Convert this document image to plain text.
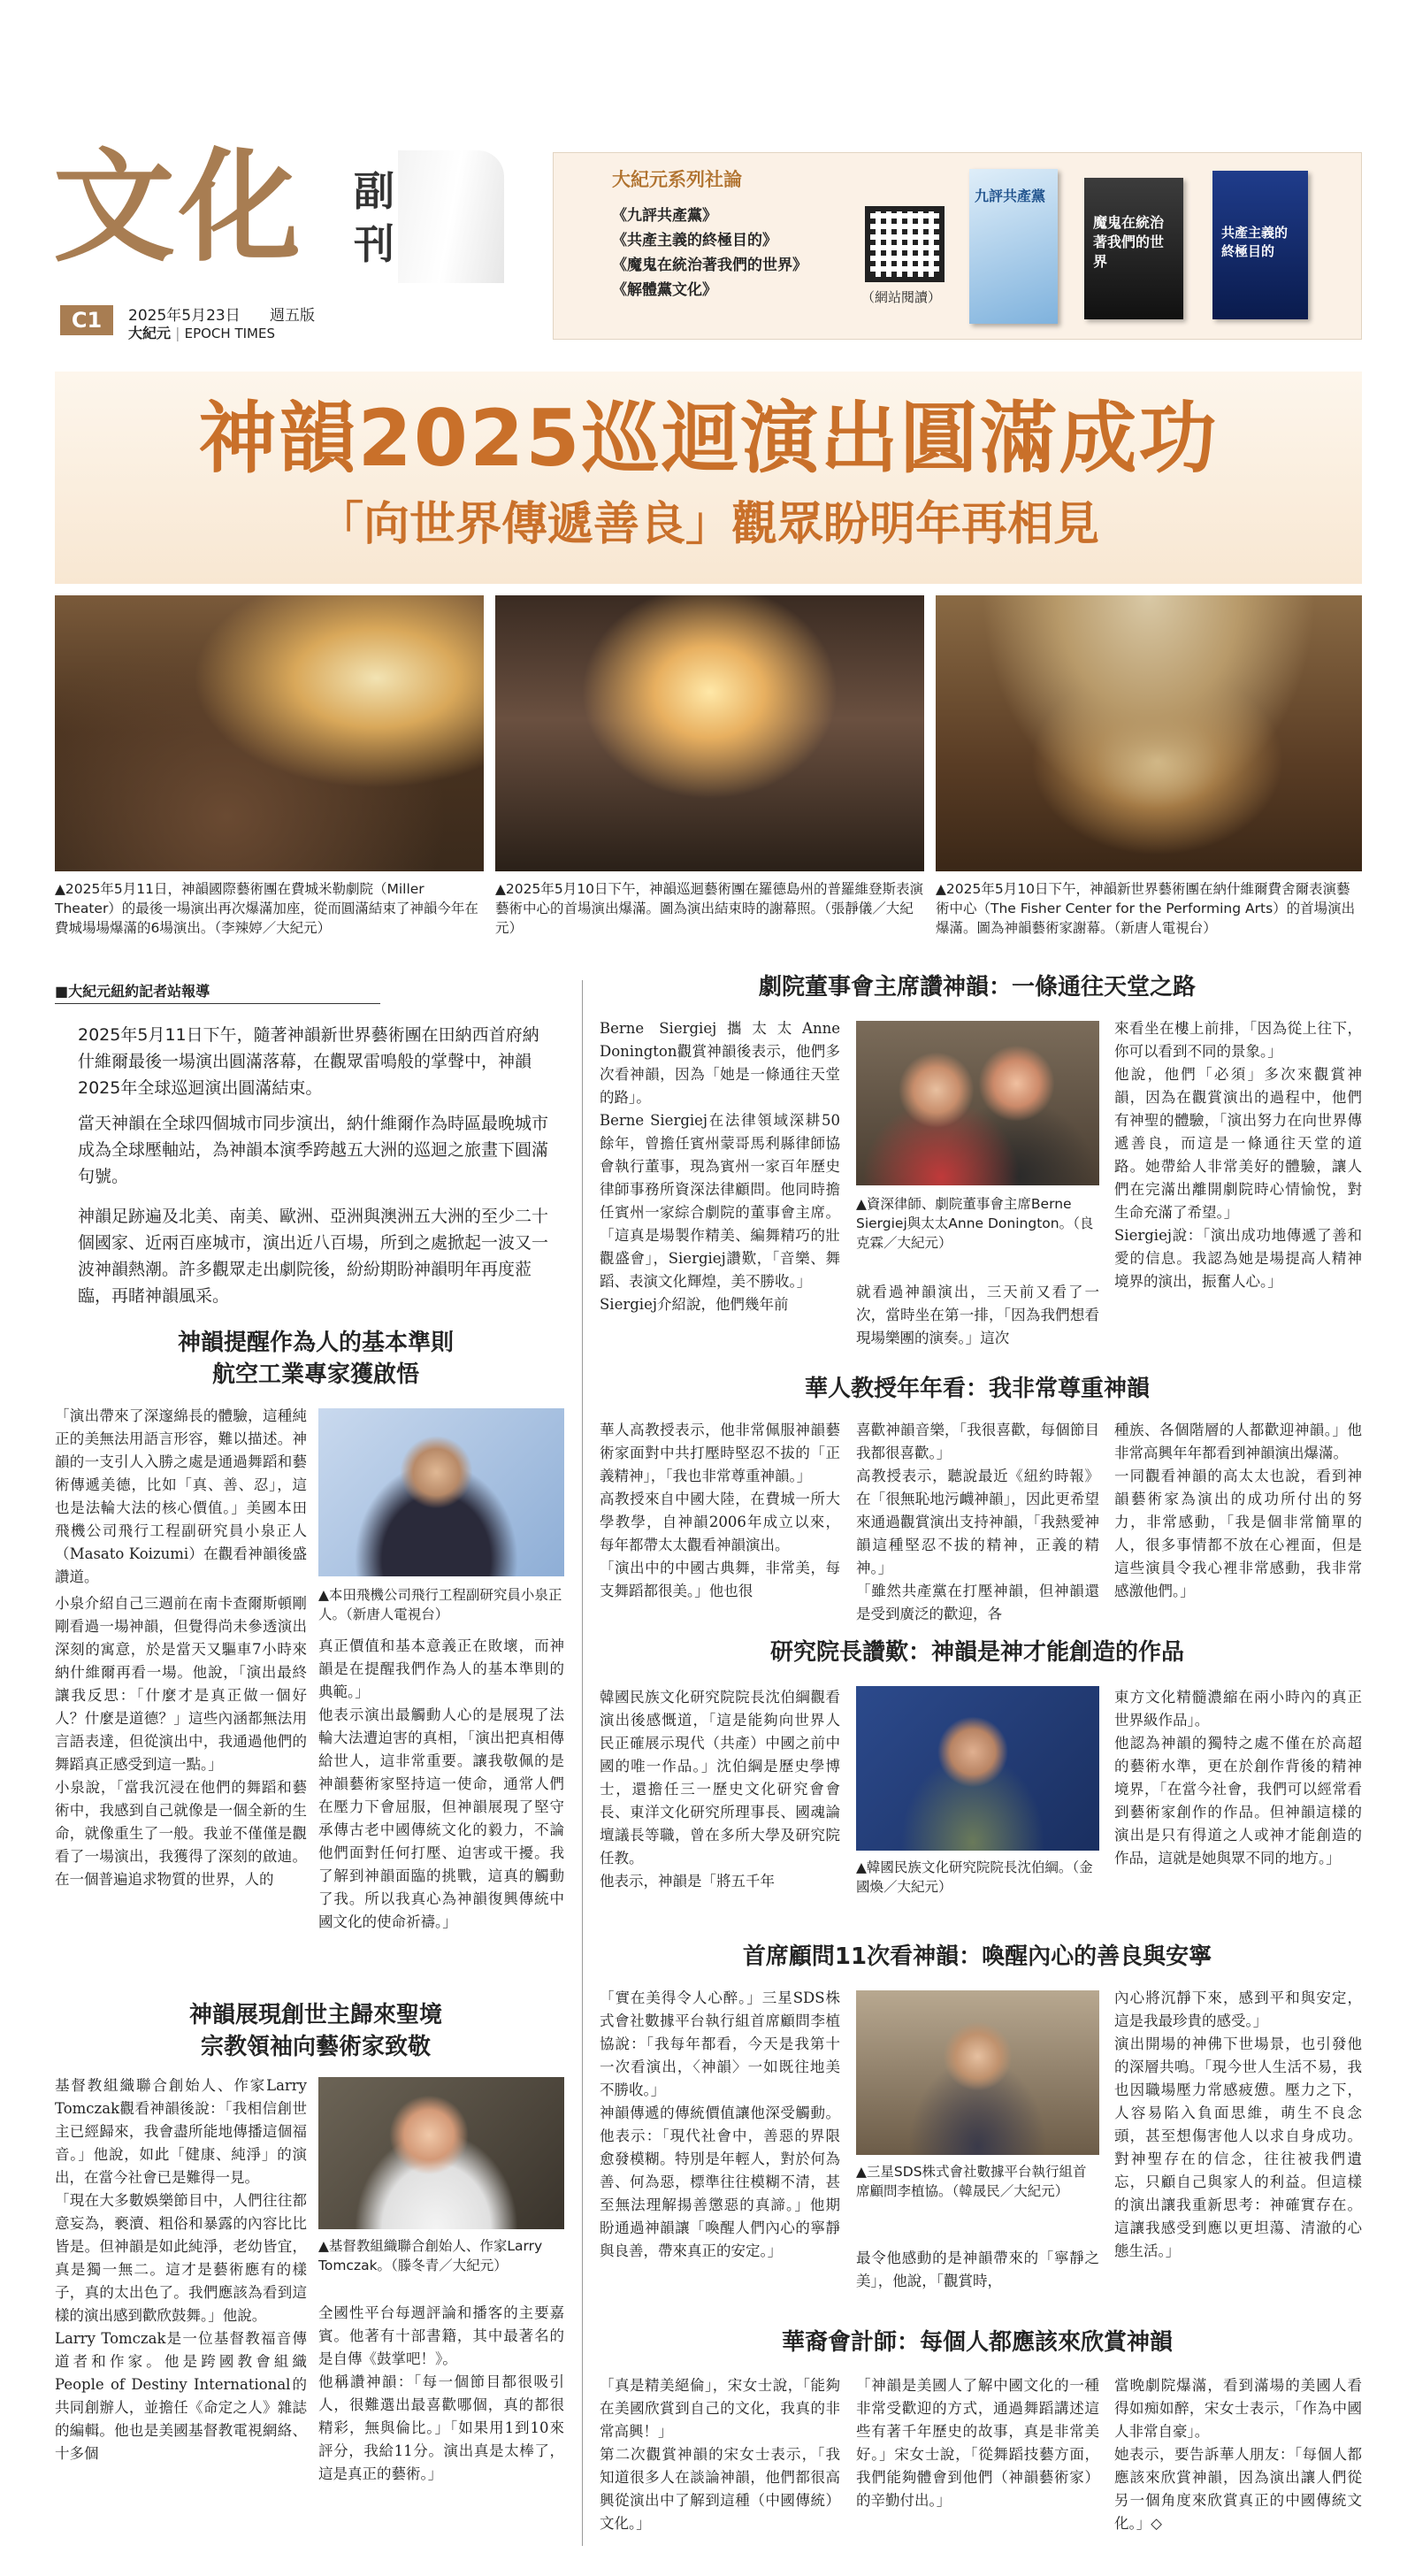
文化 副
刊
C1	2025年5月23日 週五版
大紀元 | EPOCH TIMES
大紀元系列社論
《九評共產黨》
《共產主義的終極目的》
《魔鬼在統治著我們的世界》
《解體黨文化》	（網站閱讀）
九評共產黨
魔鬼在統治著我們的世界
共產主義的終極目的
神韻2025巡迴演出圓滿成功
「向世界傳遞善良」觀眾盼明年再相見
▲2025年5月11日，神韻國際藝術團在費城米勒劇院（Miller Theater）的最後一場演出再次爆滿加座，從而圓滿結束了神韻今年在費城場場爆滿的6場演出。（李辣婷／大紀元）
▲2025年5月10日下午，神韻巡迴藝術團在羅德島州的普羅維登斯表演藝術中心的首場演出爆滿。圖為演出結束時的謝幕照。（張靜儀／大紀元）
▲2025年5月10日下午，神韻新世界藝術團在納什維爾費舍爾表演藝術中心（The Fisher Center for the Performing Arts）的首場演出爆滿。圖為神韻藝術家謝幕。（新唐人電視台）
■大紀元紐約記者站報導
2025年5月11日下午，隨著神韻新世界藝術團在田納西首府納什維爾最後一場演出圓滿落幕，在觀眾雷鳴般的掌聲中，神韻2025年全球巡迴演出圓滿結束。
當天神韻在全球四個城市同步演出，納什維爾作為時區最晚城市成為全球壓軸站，為神韻本演季跨越五大洲的巡迴之旅畫下圓滿句號。
神韻足跡遍及北美、南美、歐洲、亞洲與澳洲五大洲的至少二十個國家、近兩百座城市，演出近八百場，所到之處掀起一波又一波神韻熱潮。許多觀眾走出劇院後，紛紛期盼神韻明年再度蒞臨，再睹神韻風采。
神韻提醒作為人的基本準則
航空工業專家獲啟悟
「演出帶來了深邃綿長的體驗，這種純正的美無法用語言形容，難以描述。神韻的一支引人入勝之處是通過舞蹈和藝術傳遞美德，比如「真、善、忍」，這也是法輪大法的核心價值。」美國本田飛機公司飛行工程副研究員小泉正人（Masato Koizumi）在觀看神韻後盛讚道。
▲本田飛機公司飛行工程副研究員小泉正人。（新唐人電視台）
小泉介紹自己三週前在南卡查爾斯頓剛剛看過一場神韻，但覺得尚未參透演出深刻的寓意，於是當天又驅車7小時來納什維爾再看一場。他說，「演出最終讓我反思：「什麼才是真正做一個好人？什麼是道德？」這些內涵都無法用言語表達，但從演出中，我通過他們的舞蹈真正感受到這一點。」
小泉說，「當我沉浸在他們的舞蹈和藝術中，我感到自己就像是一個全新的生命，就像重生了一般。我並不僅僅是觀看了一場演出，我獲得了深刻的啟迪。在一個普遍追求物質的世界，人的
真正價值和基本意義正在敗壞，而神韻是在提醒我們作為人的基本準則的典範。」
他表示演出最觸動人心的是展現了法輪大法遭迫害的真相，「演出把真相傳給世人，這非常重要。讓我敬佩的是神韻藝術家堅持這一使命，通常人們在壓力下會屈服，但神韻展現了堅守承傳古老中國傳統文化的毅力，不論他們面對任何打壓、迫害或干擾。我了解到神韻面臨的挑戰，這真的觸動了我。所以我真心為神韻復興傳統中國文化的使命祈禱。」
神韻展現創世主歸來聖境
宗教領袖向藝術家致敬
基督教組織聯合創始人、作家Larry Tomczak觀看神韻後說：「我相信創世主已經歸來，我會盡所能地傳播這個福音。」他說，如此「健康、純淨」的演出，在當今社會已是難得一見。
「現在大多數娛樂節目中，人們往往都意妄為，褻瀆、粗俗和暴露的內容比比皆是。但神韻是如此純淨，老幼皆宜，真是獨一無二。這才是藝術應有的樣子，真的太出色了。我們應該為看到這樣的演出感到歡欣鼓舞。」他說。
Larry Tomczak是一位基督教福音傳道者和作家。他是跨國教會組織People of Destiny International的共同創辦人，並擔任《命定之人》雜誌的編輯。他也是美國基督教電視網絡、十多個
▲基督教組織聯合創始人、作家Larry Tomczak。（滕冬青／大紀元）
全國性平台每週評論和播客的主要嘉賓。他著有十部書籍，其中最著名的是自傳《鼓掌吧！》。
他稱讚神韻：「每一個節目都很吸引人，很難選出最喜歡哪個，真的都很精彩，無與倫比。」「如果用1到10來評分，我給11分。演出真是太棒了，這是真正的藝術。」
劇院董事會主席讚神韻：一條通往天堂之路
Berne Siergiej攜太太Anne Donington觀賞神韻後表示，他們多次看神韻，因為「她是一條通往天堂的路」。
Berne Siergiej在法律領域深耕50餘年，曾擔任賓州蒙哥馬利縣律師協會執行董事，現為賓州一家百年歷史律師事務所資深法律顧問。他同時擔任賓州一家綜合劇院的董事會主席。「這真是場製作精美、編舞精巧的壯觀盛會」，Siergiej讚歎，「音樂、舞蹈、表演文化輝煌，美不勝收。」
Siergiej介紹說，他們幾年前
▲資深律師、劇院董事會主席Berne Siergiej與太太Anne Donington。（良克霖／大紀元）
就看過神韻演出，三天前又看了一次，當時坐在第一排，「因為我們想看現場樂團的演奏。」這次
來看坐在樓上前排，「因為從上往下，你可以看到不同的景象。」
他說，他們「必須」多次來觀賞神韻，因為在觀賞演出的過程中，他們有神聖的體驗，「演出努力在向世界傳遞善良，而這是一條通往天堂的道路。她帶給人非常美好的體驗，讓人們在完滿出離開劇院時心情愉悅，對生命充滿了希望。」
Siergiej說：「演出成功地傳遞了善和愛的信息。我認為她是場提高人精神境界的演出，振奮人心。」
華人教授年年看：我非常尊重神韻
華人高教授表示，他非常佩服神韻藝術家面對中共打壓時堅忍不拔的「正義精神」，「我也非常尊重神韻。」
高教授來自中國大陸，在費城一所大學教學，自神韻2006年成立以來，每年都帶太太觀看神韻演出。
「演出中的中國古典舞，非常美，每支舞蹈都很美。」他也很
喜歡神韻音樂，「我很喜歡，每個節目我都很喜歡。」
高教授表示，聽說最近《紐約時報》在「很無恥地污衊神韻」，因此更希望來通過觀賞演出支持神韻，「我熱愛神韻這種堅忍不拔的精神，正義的精神。」
「雖然共產黨在打壓神韻，但神韻還是受到廣泛的歡迎，各
種族、各個階層的人都歡迎神韻。」他非常高興年年都看到神韻演出爆滿。
一同觀看神韻的高太太也說，看到神韻藝術家為演出的成功所付出的努力，非常感動，「我是個非常簡單的人，很多事情都不放在心裡面，但是這些演員令我心裡非常感動，我非常感激他們。」
研究院長讚歎：神韻是神才能創造的作品
韓國民族文化研究院院長沈伯綱觀看演出後感慨道，「這是能夠向世界人民正確展示現代（共產）中國之前中國的唯一作品。」沈伯綱是歷史學博士，還擔任三一歷史文化研究會會長、東洋文化研究所理事長、國魂論壇議長等職，曾在多所大學及研究院任教。
他表示，神韻是「將五千年
▲韓國民族文化研究院院長沈伯綱。（金國煥／大紀元）
東方文化精髓濃縮在兩小時內的真正世界級作品」。
他認為神韻的獨特之處不僅在於高超的藝術水準，更在於創作背後的精神境界，「在當今社會，我們可以經常看到藝術家創作的作品。但神韻這樣的演出是只有得道之人或神才能創造的作品，這就是她與眾不同的地方。」
首席顧問11次看神韻：喚醒內心的善良與安寧
「實在美得令人心醉。」三星SDS株式會社數據平台執行組首席顧問李植協說：「我每年都看，今天是我第十一次看演出，〈神韻〉一如既往地美不勝收。」
神韻傳遞的傳統價值讓他深受觸動。他表示：「現代社會中，善惡的界限愈發模糊。特別是年輕人，對於何為善、何為惡，標準往往模糊不清，甚至無法理解揚善懲惡的真諦。」他期盼通過神韻讓「喚醒人們內心的寧靜與良善，帶來真正的安定。」
▲三星SDS株式會社數據平台執行組首席顧問李植協。（韓晟民／大紀元）
最令他感動的是神韻帶來的「寧靜之美」，他說，「觀賞時，
內心將沉靜下來，感到平和與安定，這是我最珍貴的感受。」
演出開場的神佛下世場景，也引發他的深層共鳴。「現今世人生活不易，我也因職場壓力常感疲憊。壓力之下，人容易陷入負面思維，萌生不良念頭，甚至想傷害他人以求自身成功。對神聖存在的信念，往往被我們遺忘，只顧自己與家人的利益。但這樣的演出讓我重新思考：神確實存在。這讓我感受到應以更坦蕩、清澈的心態生活。」
華裔會計師：每個人都應該來欣賞神韻
「真是精美絕倫」，宋女士說，「能夠在美國欣賞到自己的文化，我真的非常高興！」
第二次觀賞神韻的宋女士表示，「我知道很多人在談論神韻，他們都很高興從演出中了解到這種（中國傳統）文化。」
「神韻是美國人了解中國文化的一種非常受歡迎的方式，通過舞蹈講述這些有著千年歷史的故事，真是非常美好。」宋女士說，「從舞蹈技藝方面，我們能夠體會到他們（神韻藝術家）的辛勤付出。」
當晚劇院爆滿，看到滿場的美國人看得如痴如醉，宋女士表示，「作為中國人非常自豪」。
她表示，要告訴華人朋友：「每個人都應該來欣賞神韻，因為演出讓人們從另一個角度來欣賞真正的中國傳統文化。」◇
